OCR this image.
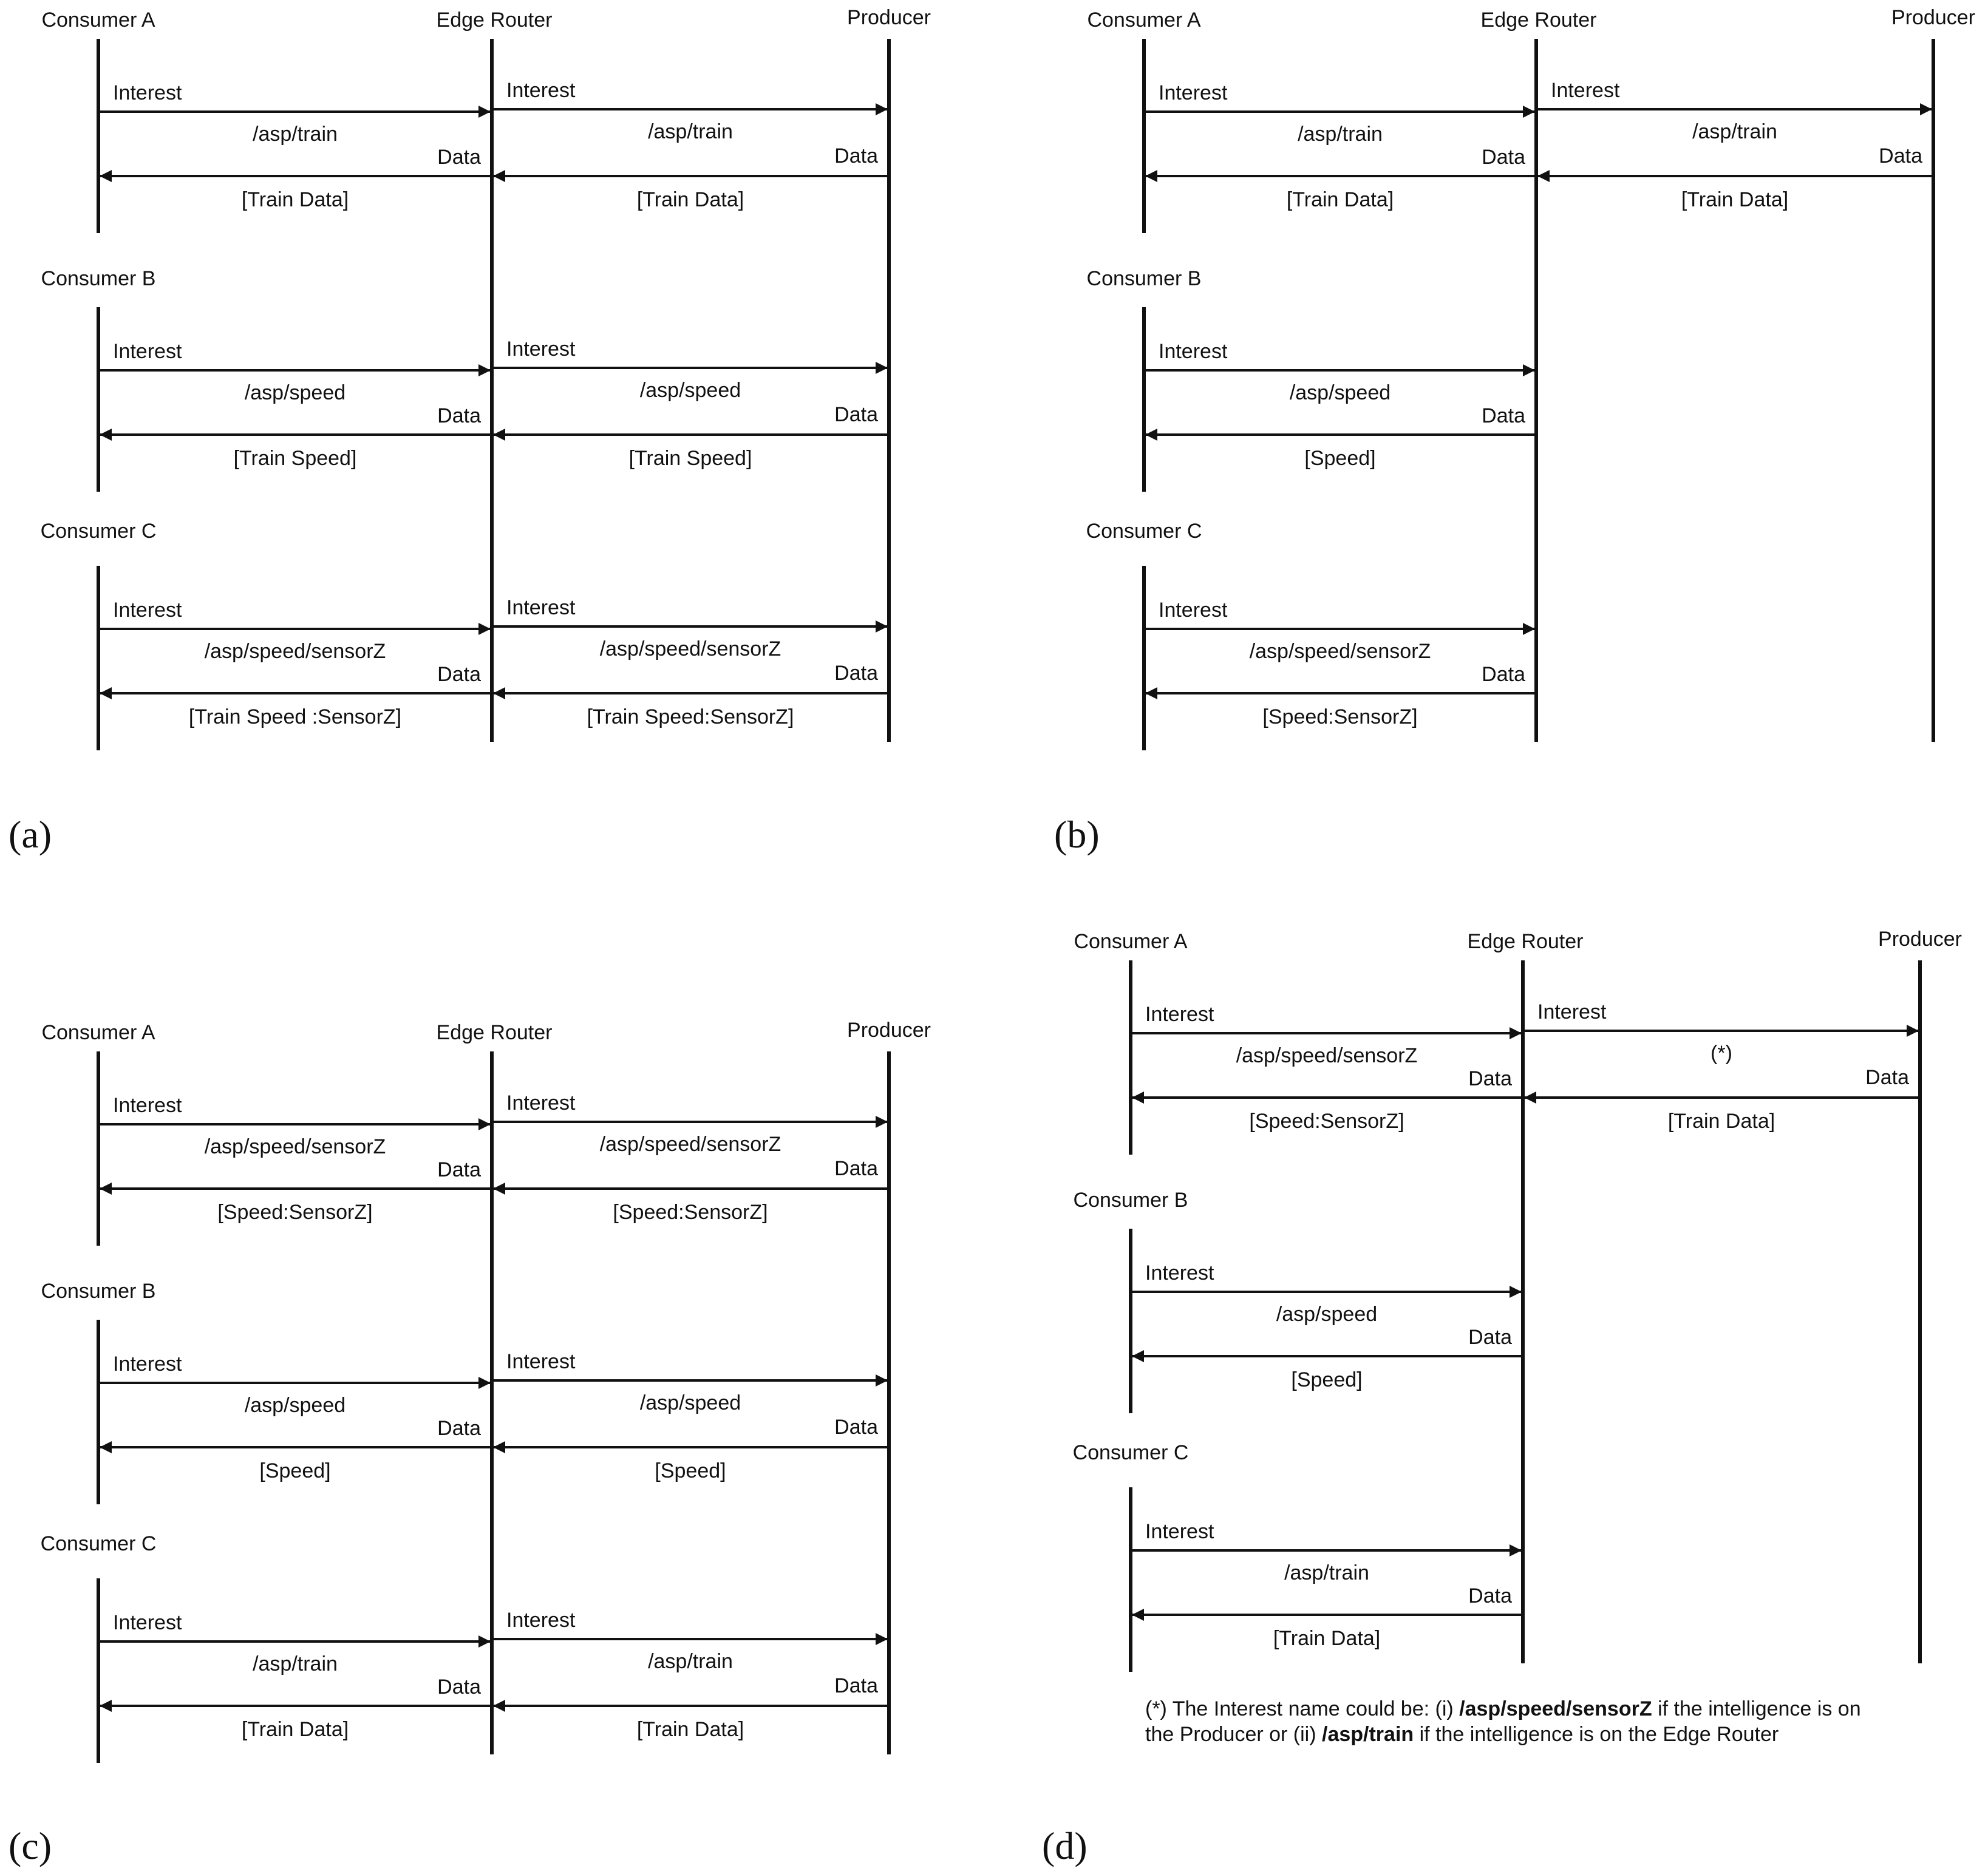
Edge Router	Producer
Consumer A
Interest
/asp/train
Data
[Train Data]
Interest
/asp/train
Data
[Train Data]
Consumer B
Interest
/asp/speed
Data
[Train Speed]
Interest
/asp/speed
Data
[Train Speed]
Consumer C
Interest
/asp/speed/sensorZ
Data
[Train Speed :SensorZ]
Interest
/asp/speed/sensorZ
Data
[Train Speed:SensorZ]
(a)
Edge Router	Producer
Consumer A
Interest
/asp/train
Data
[Train Data]
Interest
/asp/train
Data
[Train Data]
Consumer B
Interest
/asp/speed
Data
[Speed]
Consumer C
Interest
/asp/speed/sensorZ
Data
[Speed:SensorZ]
(b)
Edge Router	Producer
Consumer A
Interest
/asp/speed/sensorZ
Data
[Speed:SensorZ]
Interest
/asp/speed/sensorZ
Data
[Speed:SensorZ]
Consumer B
Interest
/asp/speed
Data
[Speed]
Interest
/asp/speed
Data
[Speed]
Consumer C
Interest
/asp/train
Data
[Train Data]
Interest
/asp/train
Data
[Train Data]
(c)
Edge Router	Producer
Consumer A
Interest
/asp/speed/sensorZ
Data
[Speed:SensorZ]
Interest
(*)
Data
[Train Data]
Consumer B
Interest
/asp/speed
Data
[Speed]
Consumer C
Interest
/asp/train
Data
[Train Data]
(d)
(*) The Interest name could be: (i) /asp/speed/sensorZ if the intelligence is on
the Producer or (ii) /asp/train if the intelligence is on the Edge Router
